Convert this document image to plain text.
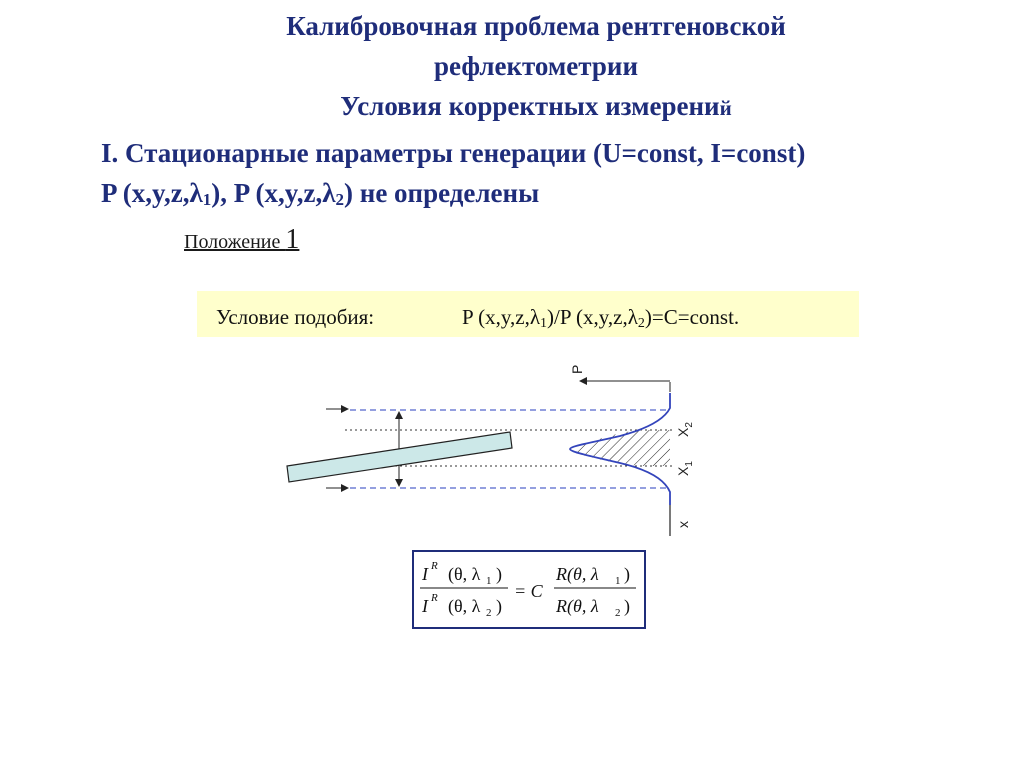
Калибровочная проблема рентгеновской
рефлектометрии
Условия корректных измерений
I. Стационарные параметры генерации (U=const, I=const)
P $(x,y,z,\lambda_1)$, P $(x,y,z,\lambda_2)$ не определены
Положение 1
Условие подобия:	P $(x,y,z,\lambda_1)/P$ $(x,y,z,\lambda_2)=C=const$.
P
x
$X_2$
$X_1$
I R (θ, λ 1 )
I R (θ, λ 2 )
= C
R(θ, λ 1 )
R(θ, λ 2 )
